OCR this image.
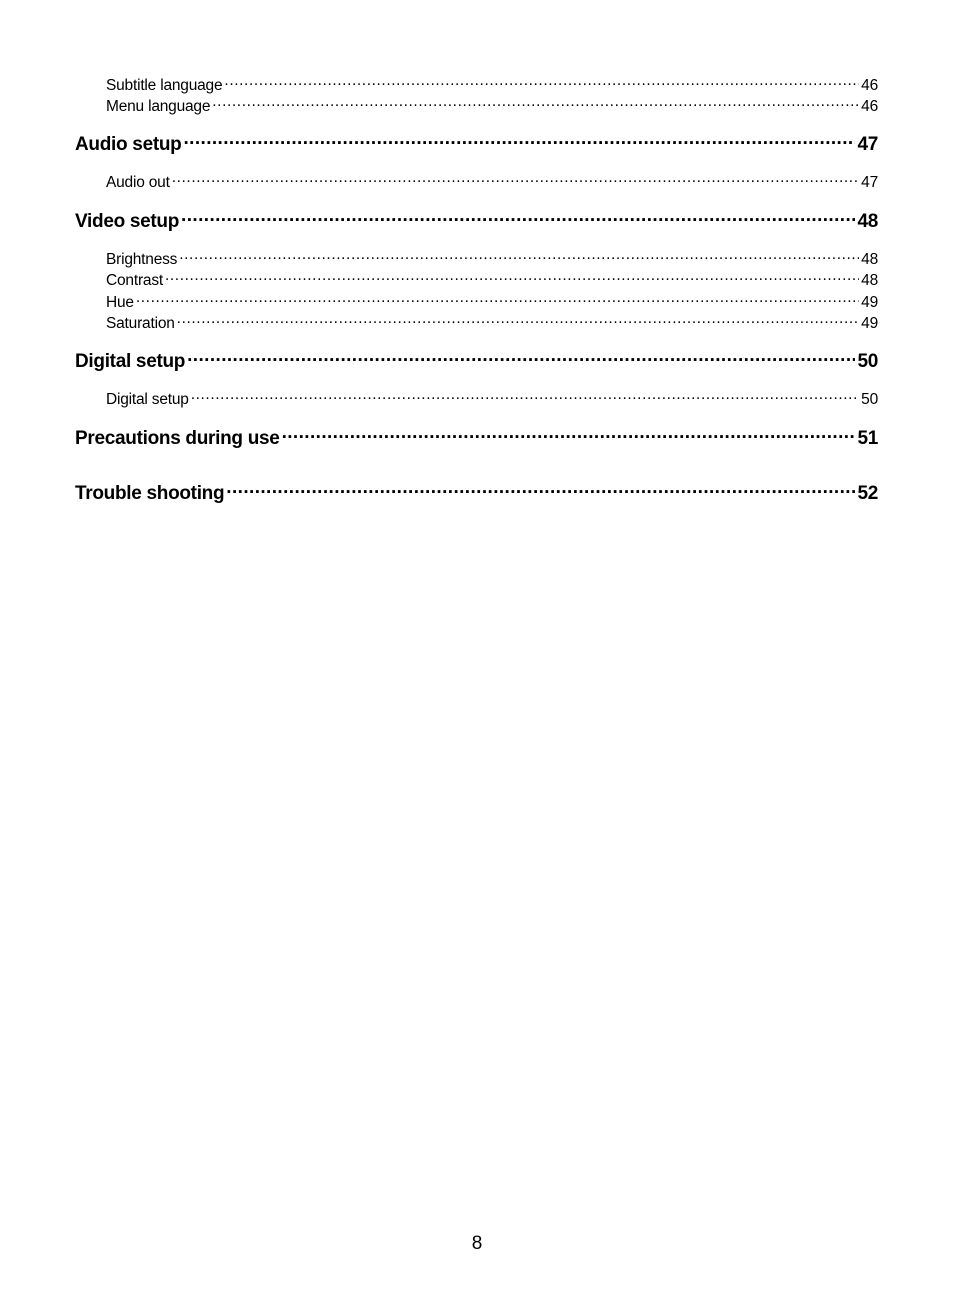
Subtitle language .....	46
Menu language .....	46
Audio setup .....	47
Audio out .....	47
Video setup .....	48
Brightness .....	48
Contrast .....	48
Hue .....	49
Saturation .....	49
Digital setup .....	50
Digital setup .....	50
Precautions during use .....	51
Trouble shooting .....	52
8
